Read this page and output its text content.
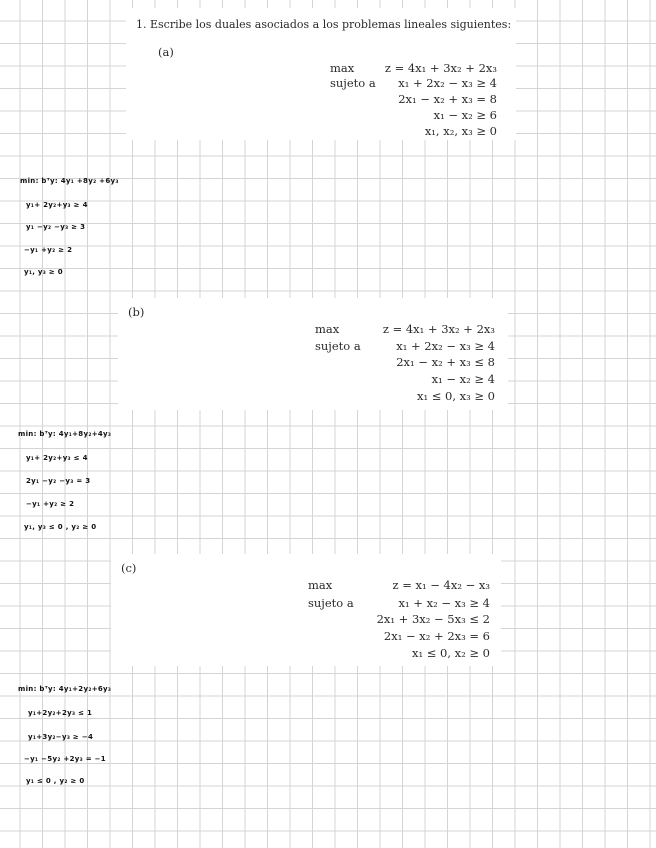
1. Escribe los duales asociados a los problemas lineales siguientes:
(a)
max	z = 4x₁ + 3x₂ + 2x₃
sujeto a x₁ + 2x₂ − x₃ ≥ 4
2x₁ − x₂ + x₃ = 8
x₁ − x₂ ≥ 6
x₁, x₂, x₃ ≥ 0
min: bᵀy: 4y₁ +8y₂ +6y₃
y₁+ 2y₂+y₃ ≥ 4
y₁ −y₂ −y₃ ≥ 3
−y₁ +y₂ ≥ 2
y₁, y₃ ≥ 0
(b)
max	z = 4x₁ + 3x₂ + 2x₃
sujeto a	x₁ + 2x₂ − x₃ ≥ 4
2x₁ − x₂ + x₃ ≤ 8
x₁ − x₂ ≥ 4
x₁ ≤ 0, x₃ ≥ 0
min: bᵀy: 4y₁+8y₂+4y₃
y₁+ 2y₂+y₃ ≤ 4
2y₁ −y₂ −y₃ = 3
−y₁ +y₂ ≥ 2
y₁, y₃ ≤ 0 , y₂ ≥ 0
(c)
max	z = x₁ − 4x₂ − x₃
sujeto a	x₁ + x₂ − x₃ ≥ 4
2x₁ + 3x₂ − 5x₃ ≤ 2
2x₁ − x₂ + 2x₃ = 6
x₁ ≤ 0, x₂ ≥ 0
min: bᵀy: 4y₁+2y₂+6y₃
y₁+2y₂+2y₃ ≤ 1
y₁+3y₂−y₃ ≥ −4
−y₁ −5y₂ +2y₃ = −1
y₁ ≤ 0 , y₂ ≥ 0
